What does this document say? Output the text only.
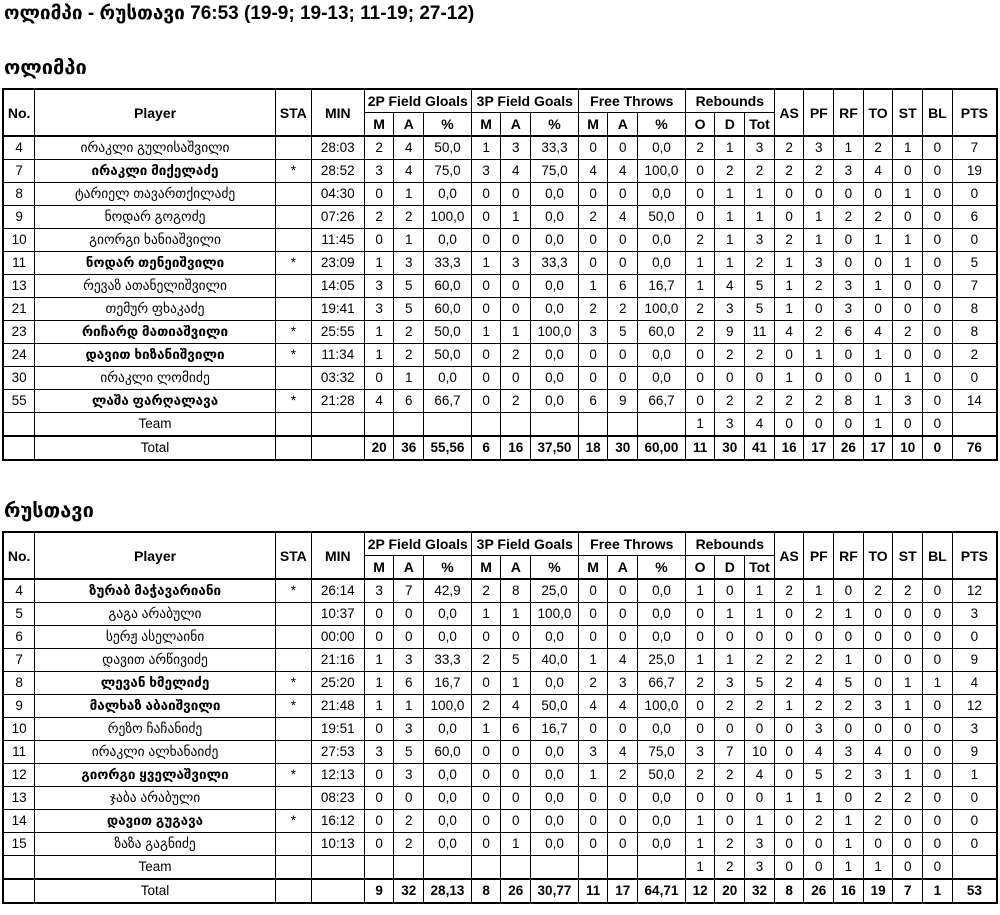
ოლიმპი - რუსთავი 76:53 (19-9; 19-13; 11-19; 27-12)
ოლიმპი
No.	Player	STA	MIN	2P Field Gloals			3P Field Goals			Free Throws			Rebounds			AS	PF	RF	TO	ST	BL	PTS
				M	A	%	M	A	%	M	A	%	O	D	Tot							
4	ირაკლი გულისაშვილი		28:03	2	4	50,0	1	3	33,3	0	0	0,0	2	1	3	2	3	1	2	1	0	7
7	ირაკლი მიქელაძე	*	28:52	3	4	75,0	3	4	75,0	4	4	100,0	0	2	2	2	2	3	4	0	0	19
8	ტარიელ თავართქილაძე		04:30	0	1	0,0	0	0	0,0	0	0	0,0	0	1	1	0	0	0	0	1	0	0
9	ნოდარ გოგოძე		07:26	2	2	100,0	0	1	0,0	2	4	50,0	0	1	1	0	1	2	2	0	0	6
10	გიორგი ხანიაშვილი		11:45	0	1	0,0	0	0	0,0	0	0	0,0	2	1	3	2	1	0	1	1	0	0
11	ნოდარ თენეიშვილი	*	23:09	1	3	33,3	1	3	33,3	0	0	0,0	1	1	2	1	3	0	0	1	0	5
13	რევაზ ათანელიშვილი		14:05	3	5	60,0	0	0	0,0	1	6	16,7	1	4	5	1	2	3	1	0	0	7
21	თემურ ფხაკაძე		19:41	3	5	60,0	0	0	0,0	2	2	100,0	2	3	5	1	0	3	0	0	0	8
23	რიჩარდ მათიაშვილი	*	25:55	1	2	50,0	1	1	100,0	3	5	60,0	2	9	11	4	2	6	4	2	0	8
24	დავით ხიზანიშვილი	*	11:34	1	2	50,0	0	2	0,0	0	0	0,0	0	2	2	0	1	0	1	0	0	2
30	ირაკლი ლომიძე		03:32	0	1	0,0	0	0	0,0	0	0	0,0	0	0	0	1	0	0	0	1	0	0
55	ლაშა ფარღალავა	*	21:28	4	6	66,7	0	2	0,0	6	9	66,7	0	2	2	2	2	8	1	3	0	14
	Team												1	3	4	0	0	0	1	0	0	
	Total			20	36	55,56	6	16	37,50	18	30	60,00	11	30	41	16	17	26	17	10	0	76
რუსთავი
No.	Player	STA	MIN	2P Field Gloals			3P Field Goals			Free Throws			Rebounds			AS	PF	RF	TO	ST	BL	PTS
				M	A	%	M	A	%	M	A	%	O	D	Tot							
4	ზურაბ მაჭავარიანი	*	26:14	3	7	42,9	2	8	25,0	0	0	0,0	1	0	1	2	1	0	2	2	0	12
5	გაგა არაბული		10:37	0	0	0,0	1	1	100,0	0	0	0,0	0	1	1	0	2	1	0	0	0	3
6	სერჟ ასელაინი		00:00	0	0	0,0	0	0	0,0	0	0	0,0	0	0	0	0	0	0	0	0	0	0
7	დავით არწივიძე		21:16	1	3	33,3	2	5	40,0	1	4	25,0	1	1	2	2	2	1	0	0	0	9
8	ლევან ხმელიძე	*	25:20	1	6	16,7	0	1	0,0	2	3	66,7	2	3	5	2	4	5	0	1	1	4
9	მალხაზ აბაიშვილი	*	21:48	1	1	100,0	2	4	50,0	4	4	100,0	0	2	2	1	2	2	3	1	0	12
10	რეზო ჩაჩანიძე		19:51	0	3	0,0	1	6	16,7	0	0	0,0	0	0	0	0	3	0	0	0	0	3
11	ირაკლი ალხანაიძე		27:53	3	5	60,0	0	0	0,0	3	4	75,0	3	7	10	0	4	3	4	0	0	9
12	გიორგი ყველაშვილი	*	12:13	0	3	0,0	0	0	0,0	1	2	50,0	2	2	4	0	5	2	3	1	0	1
13	ჯაბა არაბული		08:23	0	0	0,0	0	0	0,0	0	0	0,0	0	0	0	1	1	0	2	2	0	0
14	დავით გუგავა	*	16:12	0	2	0,0	0	0	0,0	0	0	0,0	1	0	1	0	2	1	2	0	0	0
15	ზაზა გაგნიძე		10:13	0	2	0,0	0	1	0,0	0	0	0,0	1	2	3	0	0	1	0	0	0	0
	Team												1	2	3	0	0	1	1	0	0	
	Total			9	32	28,13	8	26	30,77	11	17	64,71	12	20	32	8	26	16	19	7	1	53
